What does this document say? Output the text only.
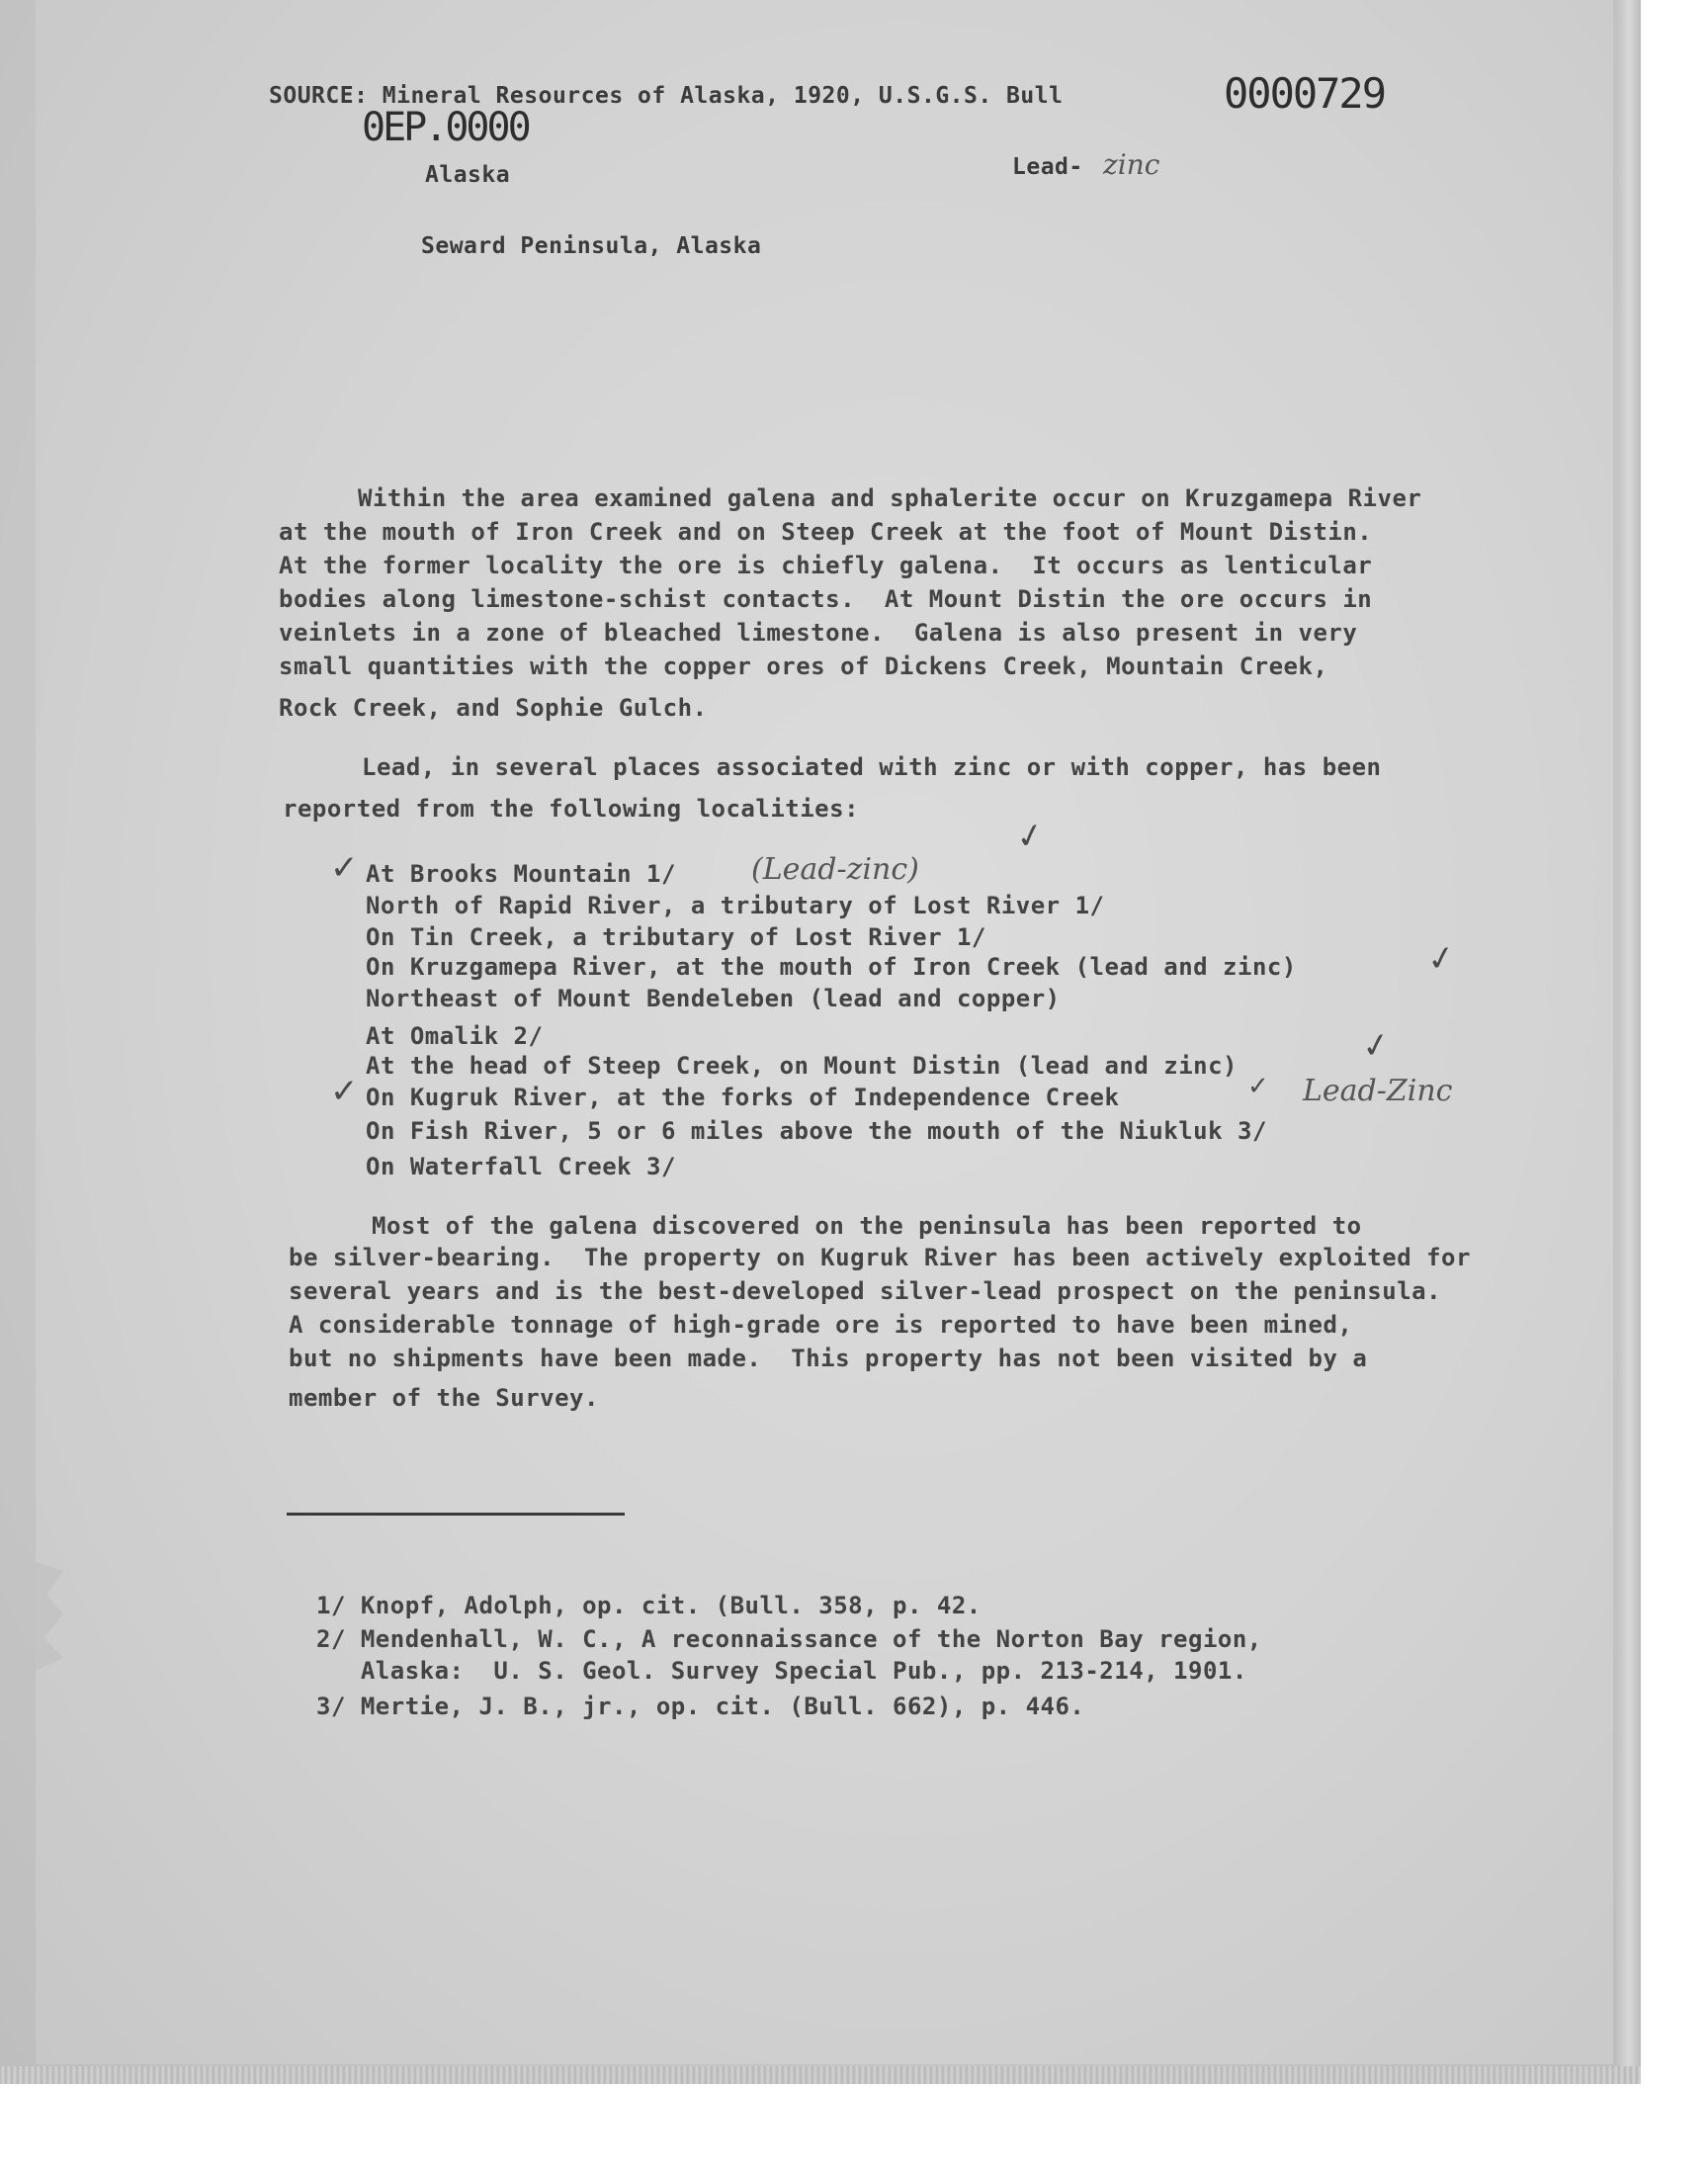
SOURCE: Mineral Resources of Alaska, 1920, U.S.G.S. Bull	0000729
0EP.0000
Alaska	Lead- zinc
Seward Peninsula, Alaska
Within the area examined galena and sphalerite occur on Kruzgamepa River
at the mouth of Iron Creek and on Steep Creek at the foot of Mount Distin.
At the former locality the ore is chiefly galena.  It occurs as lenticular
bodies along limestone-schist contacts.  At Mount Distin the ore occurs in
veinlets in a zone of bleached limestone.  Galena is also present in very
small quantities with the copper ores of Dickens Creek, Mountain Creek,
Rock Creek, and Sophie Gulch.
Lead, in several places associated with zinc or with copper, has been
reported from the following localities:
At Brooks Mountain 1/
North of Rapid River, a tributary of Lost River 1/
On Tin Creek, a tributary of Lost River 1/
On Kruzgamepa River, at the mouth of Iron Creek (lead and zinc)
Northeast of Mount Bendeleben (lead and copper)
At Omalik 2/
At the head of Steep Creek, on Mount Distin (lead and zinc)
On Kugruk River, at the forks of Independence Creek
On Fish River, 5 or 6 miles above the mouth of the Niukluk 3/
On Waterfall Creek 3/
✓	(Lead-zinc)
✓
✓
✓
✓	✓ Lead-Zinc
Most of the galena discovered on the peninsula has been reported to
be silver-bearing.  The property on Kugruk River has been actively exploited for
several years and is the best-developed silver-lead prospect on the peninsula.
A considerable tonnage of high-grade ore is reported to have been mined,
but no shipments have been made.  This property has not been visited by a
member of the Survey.
1/ Knopf, Adolph, op. cit. (Bull. 358, p. 42.
2/ Mendenhall, W. C., A reconnaissance of the Norton Bay region,
Alaska:  U. S. Geol. Survey Special Pub., pp. 213-214, 1901.
3/ Mertie, J. B., jr., op. cit. (Bull. 662), p. 446.
